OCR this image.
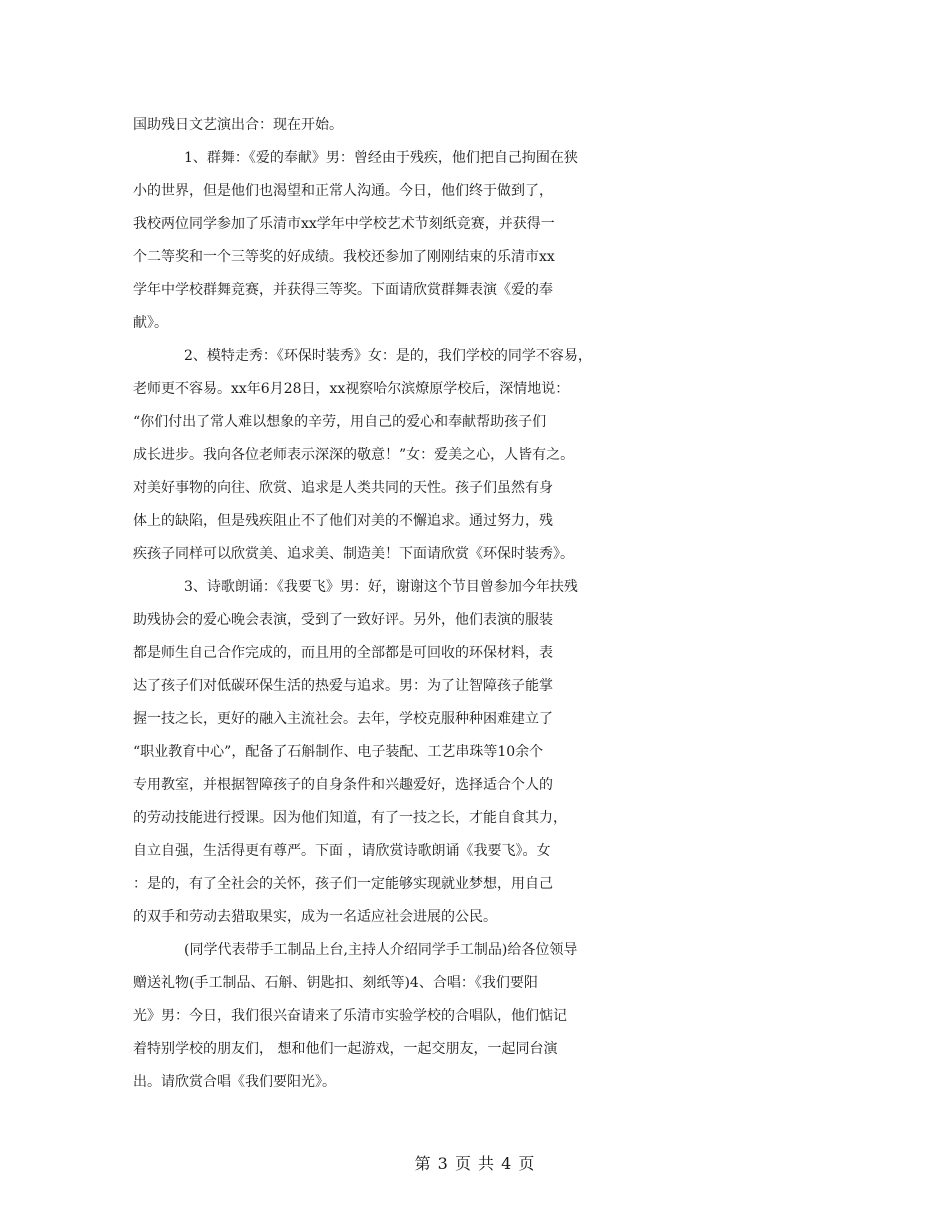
国助残日文艺演出合：现在开始。
1、群舞：《爱的奉献》男：曾经由于残疾，他们把自己拘囿在狭
小的世界，但是他们也渴望和正常人沟通。今日，他们终于做到了，
我校两位同学参加了乐清市xx学年中学校艺术节刻纸竞赛，并获得一
个二等奖和一个三等奖的好成绩。我校还参加了刚刚结束的乐清市xx
学年中学校群舞竞赛，并获得三等奖。下面请欣赏群舞表演《爱的奉
献》。
2、模特走秀：《环保时装秀》女：是的，我们学校的同学不容易，
老师更不容易。xx年6月28日，xx视察哈尔滨燎原学校后，深情地说：
“你们付出了常人难以想象的辛劳，用自己的爱心和奉献帮助孩子们
成长进步。我向各位老师表示深深的敬意！”女：爱美之心，人皆有之。
对美好事物的向往、欣赏、追求是人类共同的天性。孩子们虽然有身
体上的缺陷，但是残疾阻止不了他们对美的不懈追求。通过努力，残
疾孩子同样可以欣赏美、追求美、制造美！下面请欣赏《环保时装秀》。
3、诗歌朗诵：《我要飞》男：好，谢谢这个节目曾参加今年扶残
助残协会的爱心晚会表演，受到了一致好评。另外，他们表演的服装
都是师生自己合作完成的，而且用的全部都是可回收的环保材料，表
达了孩子们对低碳环保生活的热爱与追求。男：为了让智障孩子能掌
握一技之长，更好的融入主流社会。去年，学校克服种种困难建立了
“职业教育中心”，配备了石斛制作、电子装配、工艺串珠等10余个
专用教室，并根据智障孩子的自身条件和兴趣爱好，选择适合个人的
的劳动技能进行授课。因为他们知道，有了一技之长，才能自食其力，
自立自强，生活得更有尊严。下面 ，请欣赏诗歌朗诵《我要飞》。女
：是的，有了全社会的关怀，孩子们一定能够实现就业梦想，用自己
的双手和劳动去猎取果实，成为一名适应社会进展的公民。
(同学代表带手工制品上台,主持人介绍同学手工制品)给各位领导
赠送礼物(手工制品、石斛、钥匙扣、刻纸等)4、合唱：《我们要阳
光》男：今日，我们很兴奋请来了乐清市实验学校的合唱队，他们惦记
着特别学校的朋友们， 想和他们一起游戏，一起交朋友，一起同台演
出。请欣赏合唱《我们要阳光》。
第 3 页 共 4 页
